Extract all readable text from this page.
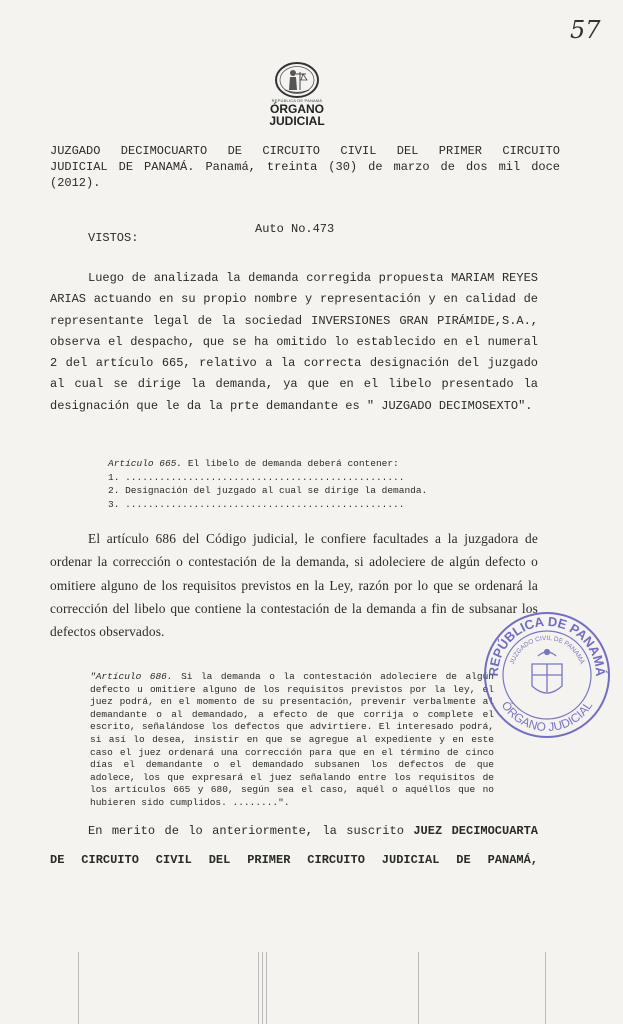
57
REPÚBLICA DE PANAMÁ
ÓRGANO
JUDICIAL
JUZGADO DECIMOCUARTO DE CIRCUITO CIVIL DEL PRIMER CIRCUITO
JUDICIAL DE PANAMÁ. Panamá, treinta (30) de marzo de dos mil doce
(2012).
Auto No.473
VISTOS:
Luego de analizada la demanda corregida propuesta MARIAM REYES ARIAS actuando en su propio nombre y representación y en calidad de representante legal de la sociedad INVERSIONES GRAN PIRÁMIDE,S.A., observa el despacho, que se ha omitido lo establecido en el numeral 2 del artículo 665, relativo a la correcta designación del juzgado al cual se dirige la demanda, ya que en el libelo presentado la designación que le da la prte demandante es " JUZGADO DECIMOSEXTO".
Artículo 665. El libelo de demanda deberá contener:
1. .................................................
2. Designación del juzgado al cual se dirige la demanda.
3. .................................................
El artículo 686 del Código judicial, le confiere facultades a la juzgadora de ordenar la corrección o contestación de la demanda, si adoleciere de algún defecto o omitiere alguno de los requisitos previstos en la Ley, razón por lo que se ordenará la corrección del libelo que contiene la contestación de la demanda a fin de subsanar los defectos observados.
"Artículo 686. Si la demanda o la contestación adoleciere de algún defecto u omitiere alguno de los requisitos previstos por la ley, el juez podrá, en el momento de su presentación, prevenir verbalmente al demandante o al demandado, a efecto de que corrija o complete el escrito, señalándose los defectos que advirtiere. El interesado podrá, si así lo desea, insistir en que se agregue al expediente y en este caso el juez ordenará una corrección para que en el término de cinco días el demandante o el demandado subsanen los defectos de que adolece, los que expresará el juez señalando entre los requisitos de los artículos 665 y 680, según sea el caso, aquél o aquéllos que no hubieren sido cumplidos. ........".
En merito de lo anteriormente, la suscrito JUEZ DECIMOCUARTA
DE CIRCUITO CIVIL DEL PRIMER CIRCUITO JUDICIAL DE PANAMÁ,
REPÚBLICA DE PANAMÁ
ÓRGANO JUDICIAL
JUZGADO CIVIL DE PANAMÁ
